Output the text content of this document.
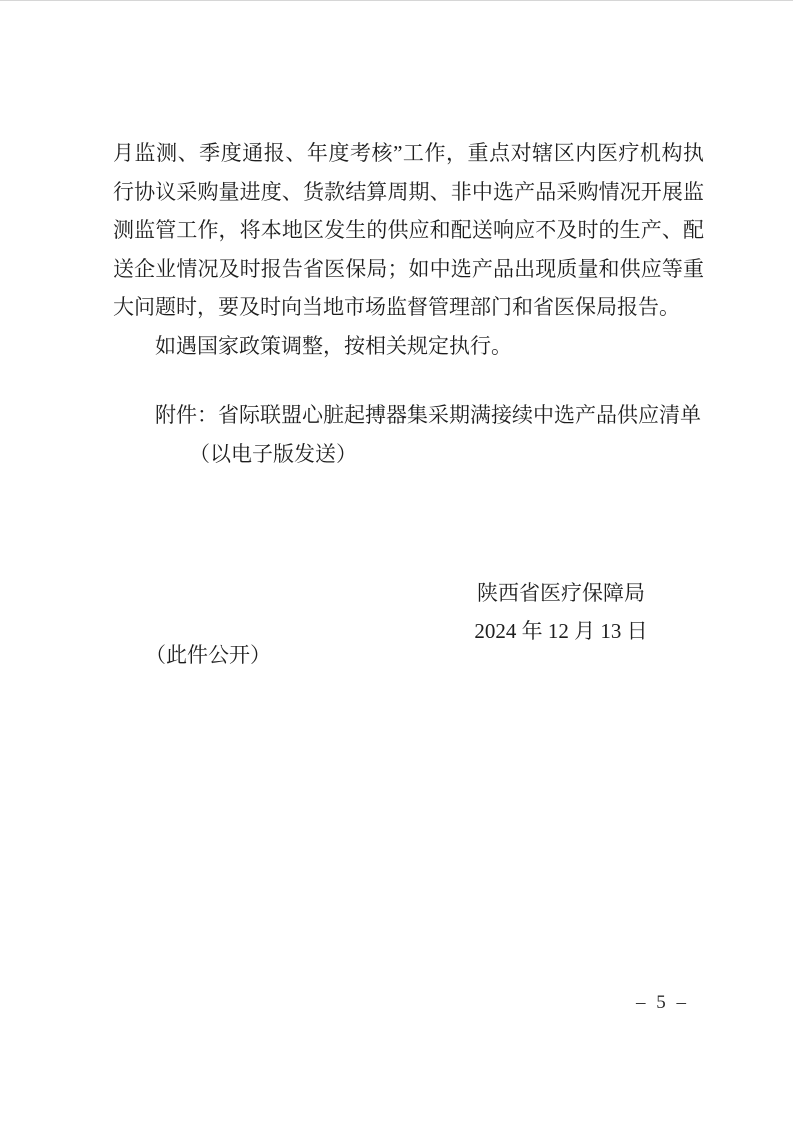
月监测、季度通报、年度考核”工作，重点对辖区内医疗机构执行协议采购量进度、货款结算周期、非中选产品采购情况开展监测监管工作，将本地区发生的供应和配送响应不及时的生产、配送企业情况及时报告省医保局；如中选产品出现质量和供应等重大问题时，要及时向当地市场监督管理部门和省医保局报告。

如遇国家政策调整，按相关规定执行。

附件：省际联盟心脏起搏器集采期满接续中选产品供应清单

（以电子版发送）

陕西省医疗保障局

2024 年 12 月 13 日

（此件公开）

– 5 –
